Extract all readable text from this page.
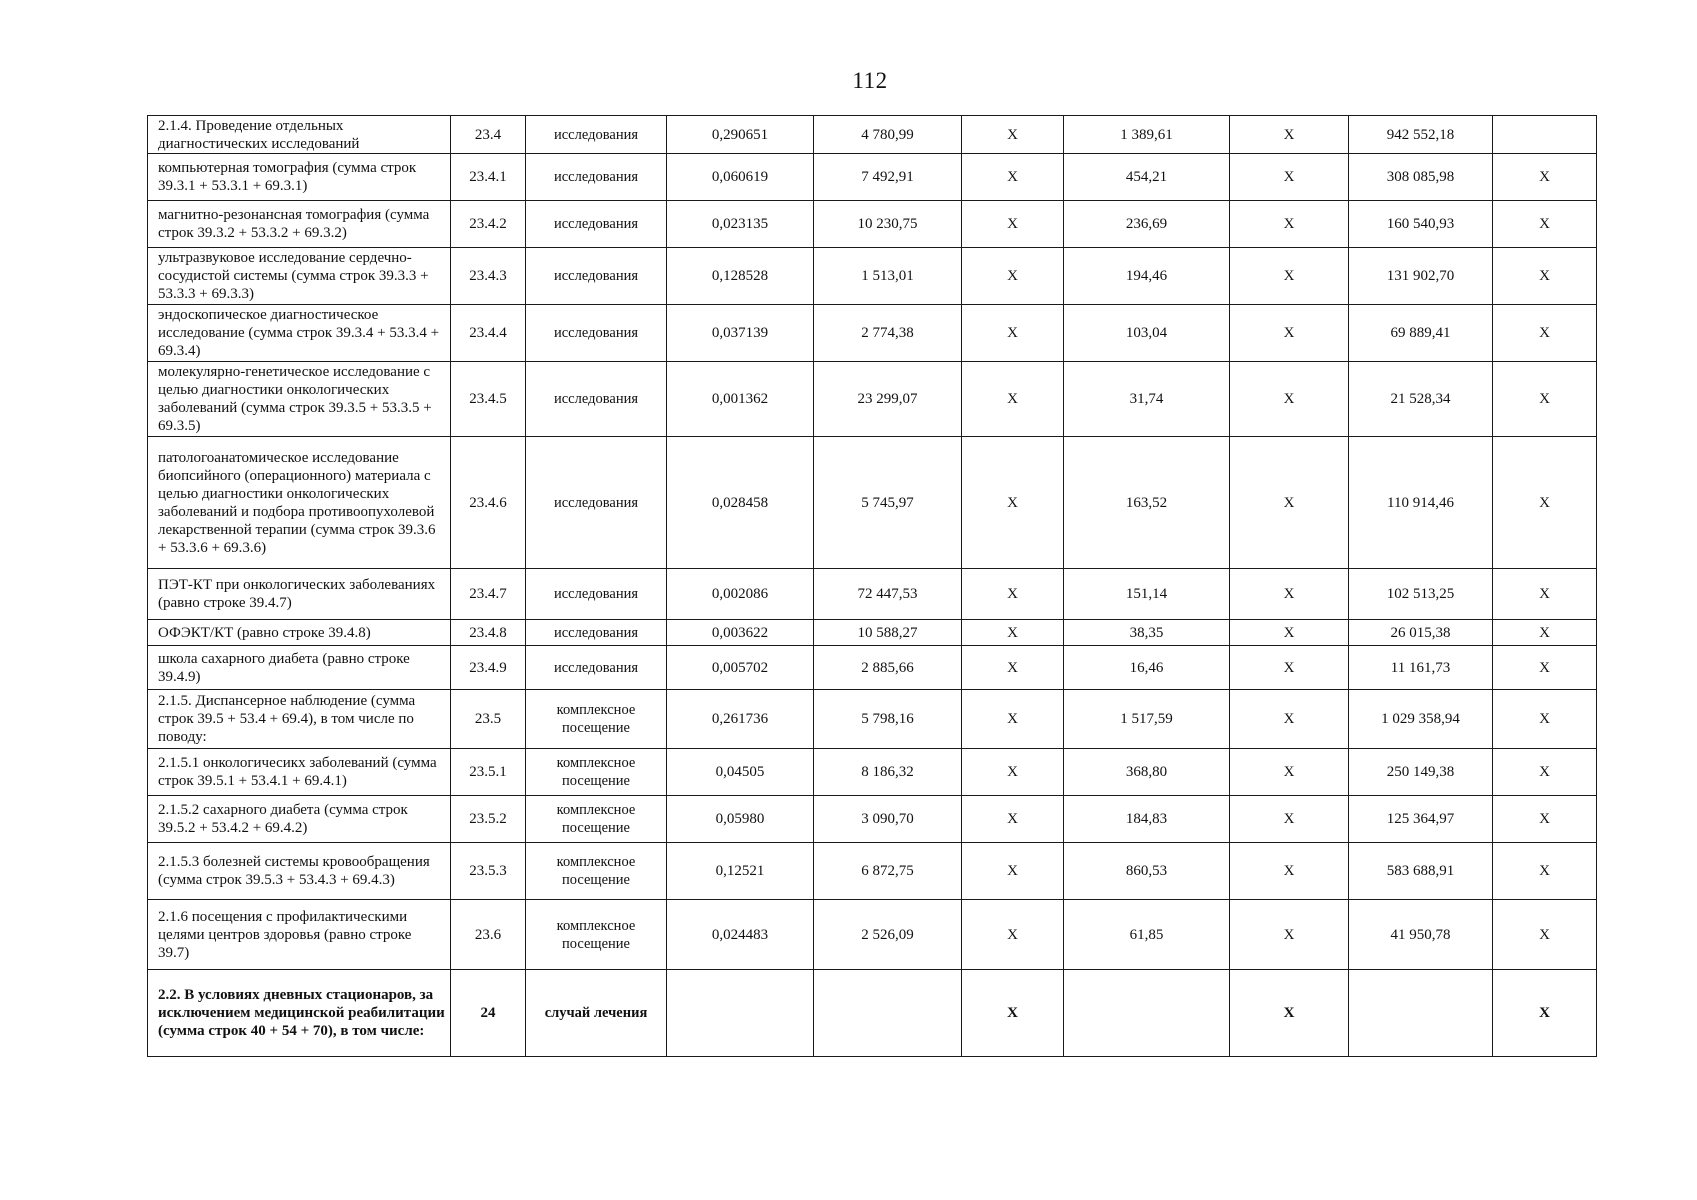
112
2.1.4. Проведение отдельных диагностических исследований	23.4	исследования	0,290651	4 780,99	Х	1 389,61	Х	942 552,18	
компьютерная томография (сумма строк 39.3.1 + 53.3.1 + 69.3.1)	23.4.1	исследования	0,060619	7 492,91	Х	454,21	Х	308 085,98	Х
магнитно-резонансная томография (сумма строк 39.3.2 + 53.3.2 + 69.3.2)	23.4.2	исследования	0,023135	10 230,75	Х	236,69	Х	160 540,93	Х
ультразвуковое исследование сердечно-сосудистой системы (сумма строк 39.3.3 + 53.3.3 + 69.3.3)	23.4.3	исследования	0,128528	1 513,01	Х	194,46	Х	131 902,70	Х
эндоскопическое диагностическое исследование (сумма строк 39.3.4 + 53.3.4 + 69.3.4)	23.4.4	исследования	0,037139	2 774,38	Х	103,04	Х	69 889,41	Х
молекулярно-генетическое исследование с целью диагностики онкологических заболеваний (сумма строк 39.3.5 + 53.3.5 + 69.3.5)	23.4.5	исследования	0,001362	23 299,07	Х	31,74	Х	21 528,34	Х
патологоанатомическое исследование биопсийного (операционного) материала с целью диагностики онкологических заболеваний и подбора противоопухолевой лекарственной терапии (сумма строк 39.3.6 + 53.3.6 + 69.3.6)	23.4.6	исследования	0,028458	5 745,97	Х	163,52	Х	110 914,46	Х
ПЭТ-КТ при онкологических заболеваниях (равно строке 39.4.7)	23.4.7	исследования	0,002086	72 447,53	Х	151,14	Х	102 513,25	Х
ОФЭКТ/КТ (равно строке 39.4.8)	23.4.8	исследования	0,003622	10 588,27	Х	38,35	Х	26 015,38	Х
школа сахарного диабета (равно строке 39.4.9)	23.4.9	исследования	0,005702	2 885,66	Х	16,46	Х	11 161,73	Х
2.1.5. Диспансерное наблюдение (сумма строк 39.5 + 53.4 + 69.4), в том числе по поводу:	23.5	комплексное посещение	0,261736	5 798,16	Х	1 517,59	Х	1 029 358,94	Х
2.1.5.1 онкологичесикх заболеваний (сумма строк 39.5.1 + 53.4.1 + 69.4.1)	23.5.1	комплексное посещение	0,04505	8 186,32	Х	368,80	Х	250 149,38	Х
2.1.5.2 сахарного диабета (сумма строк 39.5.2 + 53.4.2 + 69.4.2)	23.5.2	комплексное посещение	0,05980	3 090,70	Х	184,83	Х	125 364,97	Х
2.1.5.3 болезней системы кровообращения (сумма строк 39.5.3 + 53.4.3 + 69.4.3)	23.5.3	комплексное посещение	0,12521	6 872,75	Х	860,53	Х	583 688,91	Х
2.1.6 посещения с профилактическими целями центров здоровья (равно строке 39.7)	23.6	комплексное посещение	0,024483	2 526,09	Х	61,85	Х	41 950,78	Х
2.2. В условиях дневных стационаров, за исключением медицинской реабилитации (сумма строк 40 + 54 + 70), в том числе:	24	случай лечения			Х		Х		Х
